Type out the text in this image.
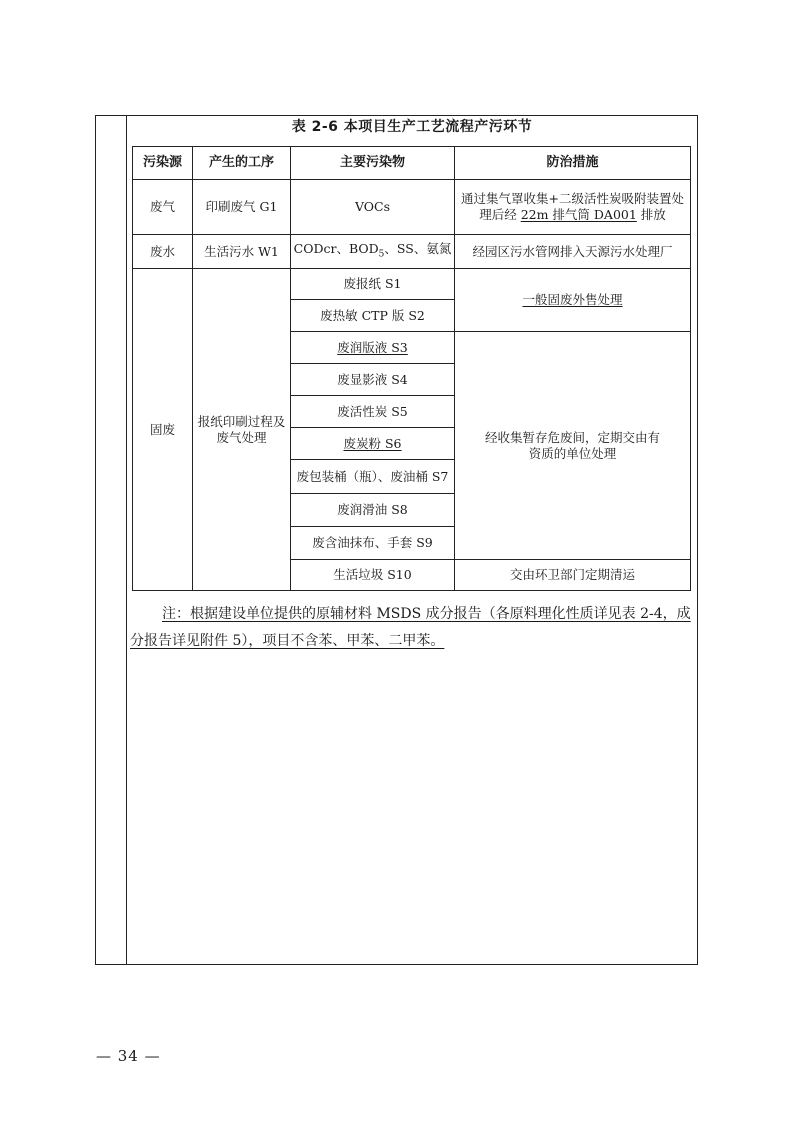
表 2-6 本项目生产工艺流程产污环节
污染源	产生的工序	主要污染物	防治措施
废气	印刷废气 G1	VOCs	通过集气罩收集+二级活性炭吸附装置处理后经 22m 排气筒 DA001 排放
废水	生活污水 W1	CODcr、$BOD_5$、SS、氨氮	经园区污水管网排入天源污水处理厂
固废	报纸印刷过程及废气处理	废报纸 S1	一般固废外售处理
		废热敏 CTP 版 S2	
		废润版液 S3	经收集暂存危废间，定期交由有资质的单位处理
		废显影液 S4	
		废活性炭 S5	
		废炭粉 S6	
		废包装桶（瓶）、废油桶 S7	
		废润滑油 S8	
		废含油抹布、手套 S9	
		生活垃圾 S10	交由环卫部门定期清运
注：根据建设单位提供的原辅材料 MSDS 成分报告（各原料理化性质详见表 2-4，成分报告详见附件 5），项目不含苯、甲苯、二甲苯。
— 34 —
